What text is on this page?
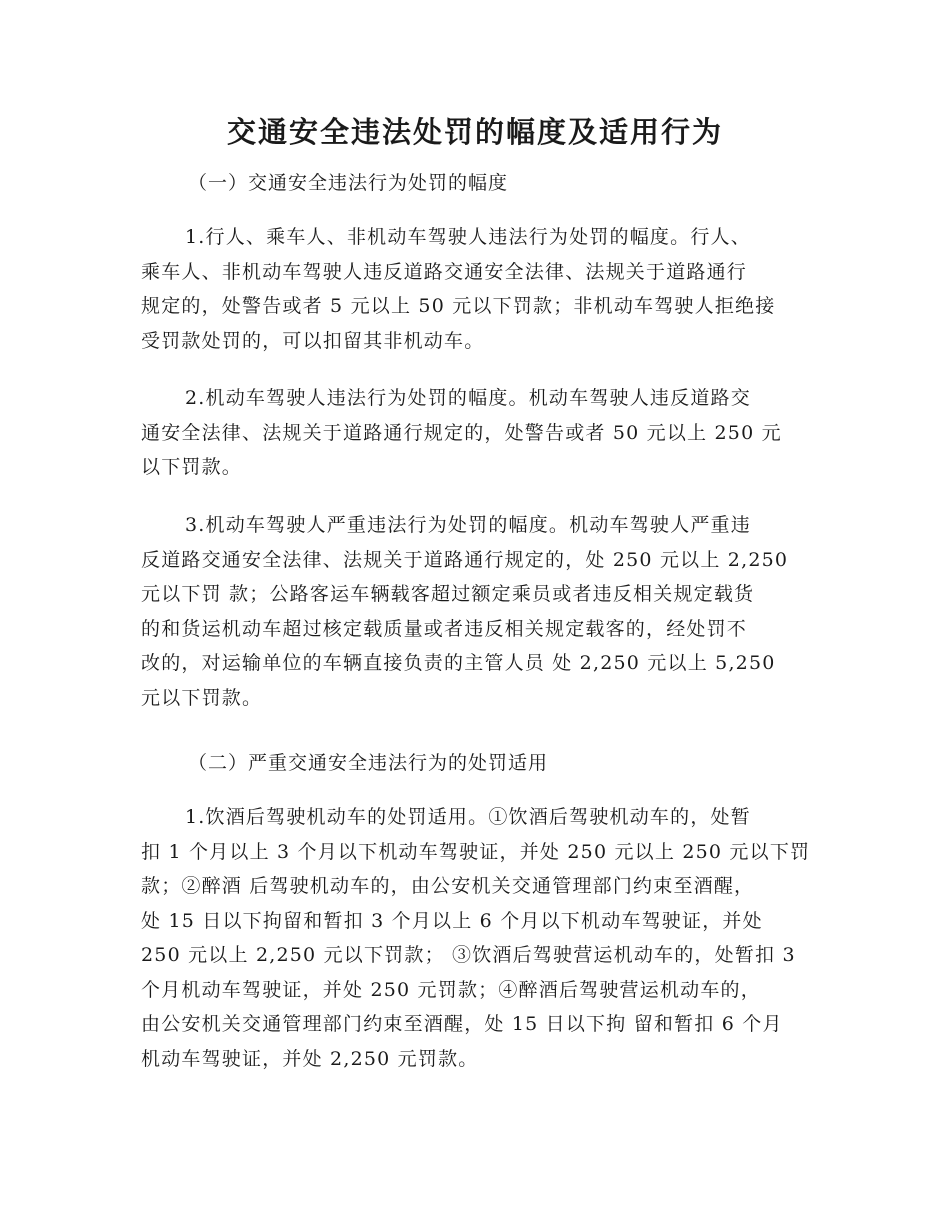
交通安全违法处罚的幅度及适用行为
（一）交通安全违法行为处罚的幅度
1.行人、乘车人、非机动车驾驶人违法行为处罚的幅度。行人、
乘车人、非机动车驾驶人违反道路交通安全法律、法规关于道路通行
规定的，处警告或者 5 元以上 50 元以下罚款；非机动车驾驶人拒绝接
受罚款处罚的，可以扣留其非机动车。
2.机动车驾驶人违法行为处罚的幅度。机动车驾驶人违反道路交
通安全法律、法规关于道路通行规定的，处警告或者 50 元以上 250 元
以下罚款。
3.机动车驾驶人严重违法行为处罚的幅度。机动车驾驶人严重违
反道路交通安全法律、法规关于道路通行规定的，处 250 元以上 2,250
元以下罚 款；公路客运车辆载客超过额定乘员或者违反相关规定载货
的和货运机动车超过核定载质量或者违反相关规定载客的，经处罚不
改的，对运输单位的车辆直接负责的主管人员 处 2,250 元以上 5,250
元以下罚款。
（二）严重交通安全违法行为的处罚适用
1.饮酒后驾驶机动车的处罚适用。①饮酒后驾驶机动车的，处暂
扣 1 个月以上 3 个月以下机动车驾驶证，并处 250 元以上 250 元以下罚
款；②醉酒 后驾驶机动车的，由公安机关交通管理部门约束至酒醒，
处 15 日以下拘留和暂扣 3 个月以上 6 个月以下机动车驾驶证，并处
250 元以上 2,250 元以下罚款； ③饮酒后驾驶营运机动车的，处暂扣 3
个月机动车驾驶证，并处 250 元罚款；④醉酒后驾驶营运机动车的，
由公安机关交通管理部门约束至酒醒，处 15 日以下拘 留和暂扣 6 个月
机动车驾驶证，并处 2,250 元罚款。
